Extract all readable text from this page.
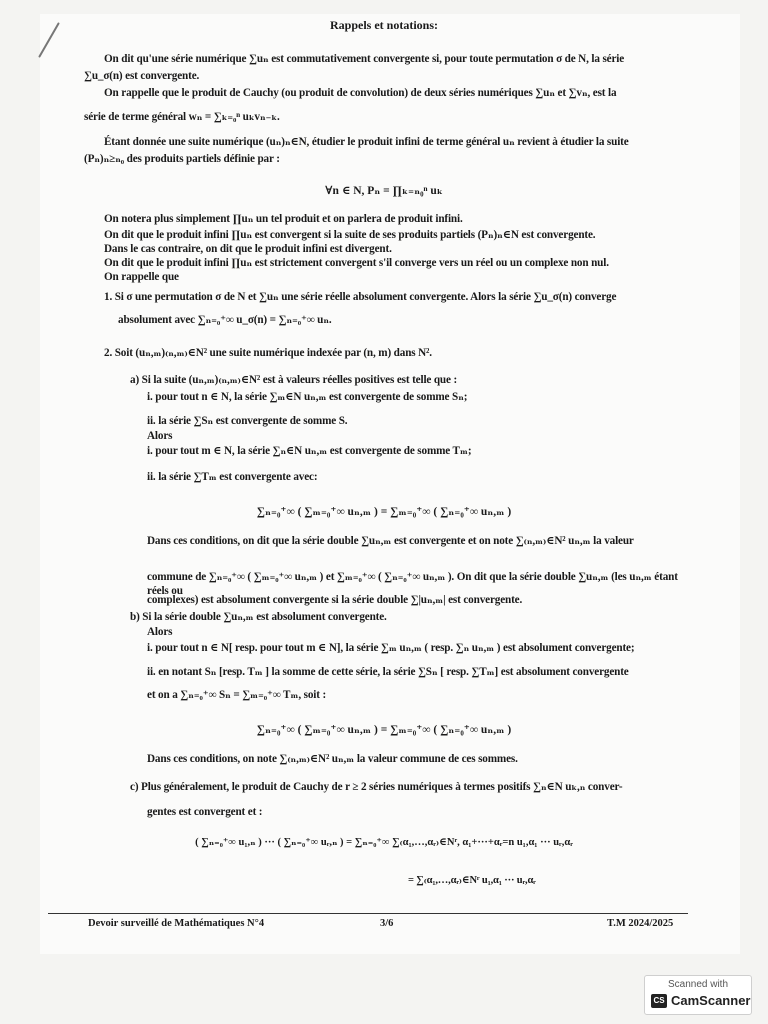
Rappels et notations:
On dit qu'une série numérique ∑uₙ est commutativement convergente si, pour toute permutation σ de N, la série
∑u_σ(n) est convergente.
On rappelle que le produit de Cauchy (ou produit de convolution) de deux séries numériques ∑uₙ et ∑vₙ, est la
série de terme général wₙ = ∑ₖ₌₀ⁿ uₖvₙ₋ₖ.
Étant donnée une suite numérique (uₙ)ₙ∈N, étudier le produit infini de terme général uₙ revient à étudier la suite
(Pₙ)ₙ≥ₙ₀ des produits partiels définie par :
∀n ∈ N, Pₙ = ∏ₖ₌ₙ₀ⁿ uₖ
On notera plus simplement ∏uₙ un tel produit et on parlera de produit infini.
On dit que le produit infini ∏uₙ est convergent si la suite de ses produits partiels (Pₙ)ₙ∈N est convergente.
Dans le cas contraire, on dit que le produit infini est divergent.
On dit que le produit infini ∏uₙ est strictement convergent s'il converge vers un réel ou un complexe non nul.
On rappelle que
1. Si σ une permutation σ de N et ∑uₙ une série réelle absolument convergente. Alors la série ∑u_σ(n) converge
absolument avec ∑ₙ₌₀⁺∞ u_σ(n) = ∑ₙ₌₀⁺∞ uₙ.
2. Soit (uₙ,ₘ)₍ₙ,ₘ₎∈N² une suite numérique indexée par (n, m) dans N².
a) Si la suite (uₙ,ₘ)₍ₙ,ₘ₎∈N² est à valeurs réelles positives est telle que :
i. pour tout n ∈ N, la série ∑ₘ∈N uₙ,ₘ est convergente de somme Sₙ;
ii. la série ∑Sₙ est convergente de somme S.
Alors
i. pour tout m ∈ N, la série ∑ₙ∈N uₙ,ₘ est convergente de somme Tₘ;
ii. la série ∑Tₘ est convergente avec:
∑ₙ₌₀⁺∞ ( ∑ₘ₌₀⁺∞ uₙ,ₘ ) = ∑ₘ₌₀⁺∞ ( ∑ₙ₌₀⁺∞ uₙ,ₘ )
Dans ces conditions, on dit que la série double ∑uₙ,ₘ est convergente et on note ∑₍ₙ,ₘ₎∈N² uₙ,ₘ la valeur
commune de ∑ₙ₌₀⁺∞ ( ∑ₘ₌₀⁺∞ uₙ,ₘ ) et ∑ₘ₌₀⁺∞ ( ∑ₙ₌₀⁺∞ uₙ,ₘ ). On dit que la série double ∑uₙ,ₘ (les uₙ,ₘ étant réels ou
complexes) est absolument convergente si la série double ∑|uₙ,ₘ| est convergente.
b) Si la série double ∑uₙ,ₘ est absolument convergente.
Alors
i. pour tout n ∈ N[ resp. pour tout m ∈ N], la série ∑ₘ uₙ,ₘ ( resp. ∑ₙ uₙ,ₘ ) est absolument convergente;
ii. en notant Sₙ [resp. Tₘ ] la somme de cette série, la série ∑Sₙ [ resp. ∑Tₘ] est absolument convergente
et on a ∑ₙ₌₀⁺∞ Sₙ = ∑ₘ₌₀⁺∞ Tₘ, soit :
∑ₙ₌₀⁺∞ ( ∑ₘ₌₀⁺∞ uₙ,ₘ ) = ∑ₘ₌₀⁺∞ ( ∑ₙ₌₀⁺∞ uₙ,ₘ )
Dans ces conditions, on note ∑₍ₙ,ₘ₎∈N² uₙ,ₘ la valeur commune de ces sommes.
c) Plus généralement, le produit de Cauchy de r ≥ 2 séries numériques à termes positifs ∑ₙ∈N uₖ,ₙ conver-
gentes est convergent et :
( ∑ₙ₌₀⁺∞ u₁,ₙ ) ··· ( ∑ₙ₌₀⁺∞ uᵣ,ₙ ) = ∑ₙ₌₀⁺∞ ∑₍α₁,…,αᵣ₎∈Nʳ, α₁+···+αᵣ=n u₁,α₁ ··· uᵣ,αᵣ
= ∑₍α₁,…,αᵣ₎∈Nʳ u₁,α₁ ··· uᵣ,αᵣ
Devoir surveillé de Mathématiques N°4	3/6	T.M 2024/2025
Scanned with
CS CamScanner
